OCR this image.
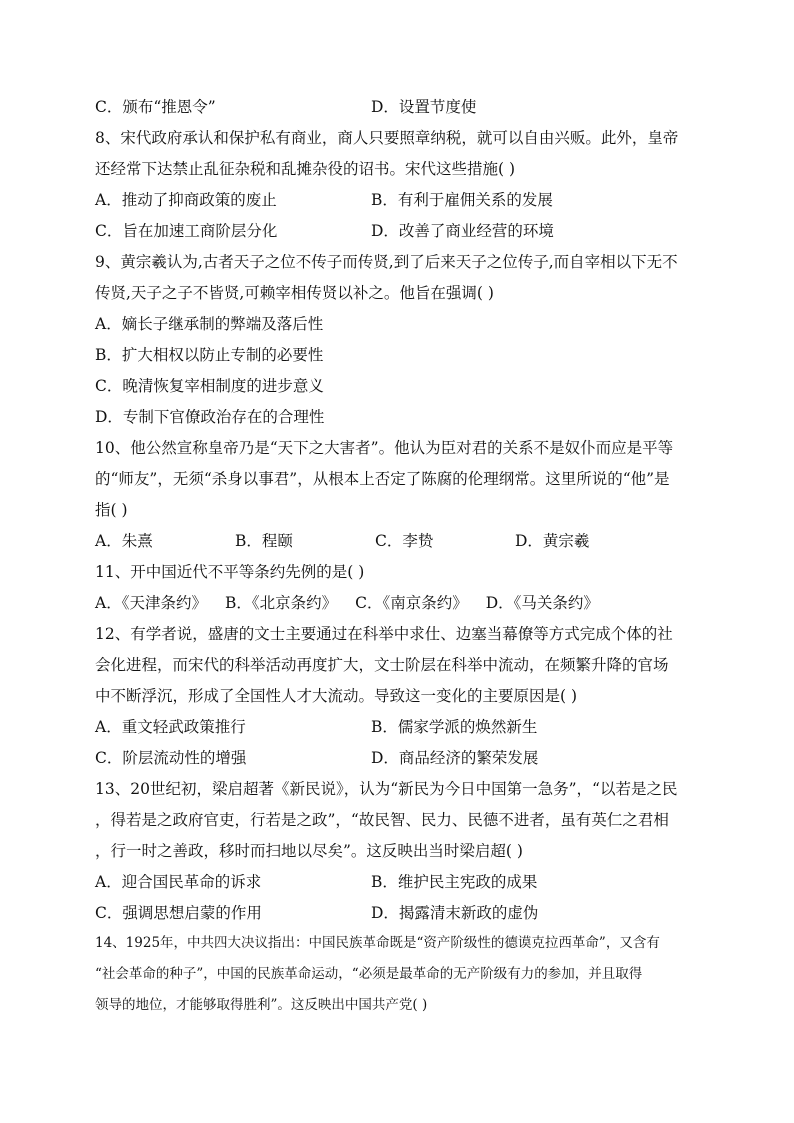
C．颁布“推恩令”	D．设置节度使
8、宋代政府承认和保护私有商业，商人只要照章纳税，就可以自由兴贩。此外，皇帝
还经常下达禁止乱征杂税和乱摊杂役的诏书。宋代这些措施( )
A．推动了抑商政策的废止	B．有利于雇佣关系的发展
C．旨在加速工商阶层分化	D．改善了商业经营的环境
9、黄宗羲认为,古者天子之位不传子而传贤,到了后来天子之位传子,而自宰相以下无不
传贤,天子之子不皆贤,可赖宰相传贤以补之。他旨在强调( )
A．嫡长子继承制的弊端及落后性
B．扩大相权以防止专制的必要性
C．晚清恢复宰相制度的进步意义
D．专制下官僚政治存在的合理性
10、他公然宣称皇帝乃是“天下之大害者”。他认为臣对君的关系不是奴仆而应是平等
的“师友”，无须“杀身以事君”，从根本上否定了陈腐的伦理纲常。这里所说的“他”是
指( )
A．朱熹	B．程颐	C．李贽	D．黄宗羲
11、开中国近代不平等条约先例的是( )
A．《天津条约》 B．《北京条约》 C．《南京条约》 D．《马关条约》
12、有学者说，盛唐的文士主要通过在科举中求仕、边塞当幕僚等方式完成个体的社
会化进程，而宋代的科举活动再度扩大，文士阶层在科举中流动，在频繁升降的官场
中不断浮沉，形成了全国性人才大流动。导致这一变化的主要原因是( )
A．重文轻武政策推行	B．儒家学派的焕然新生
C．阶层流动性的增强	D．商品经济的繁荣发展
13、20世纪初，梁启超著《新民说》，认为“新民为今日中国第一急务”，“以若是之民
，得若是之政府官吏，行若是之政”，“故民智、民力、民德不进者，虽有英仁之君相
，行一时之善政，移时而扫地以尽矣”。这反映出当时梁启超( )
A．迎合国民革命的诉求	B．维护民主宪政的成果
C．强调思想启蒙的作用	D．揭露清末新政的虚伪
14、1925年，中共四大决议指出：中国民族革命既是“资产阶级性的德谟克拉西革命”，又含有
“社会革命的种子”，中国的民族革命运动，“必须是最革命的无产阶级有力的参加，并且取得
领导的地位，才能够取得胜利”。这反映出中国共产党( )
